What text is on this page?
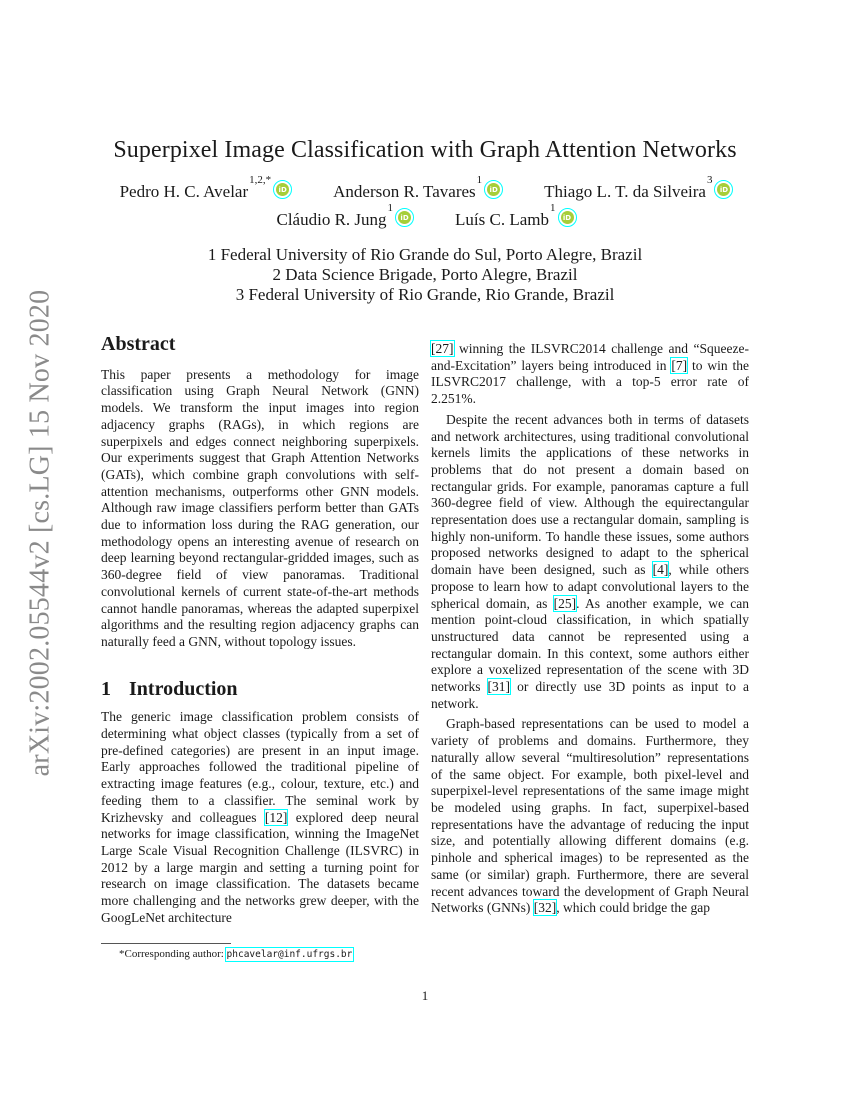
arXiv:2002.05544v2 [cs.LG] 15 Nov 2020
Superpixel Image Classification with Graph Attention Networks
Pedro H. C. Avelar
$^{1,2,*}$
iD	Anderson R. Tavares
$^1$
iD	Thiago L. T. da Silveira
$^3$
iD
Cláudio R. Jung
$^1$
iD	Luís C. Lamb
$^1$
iD
1 Federal University of Rio Grande do Sul, Porto Alegre, Brazil
2 Data Science Brigade, Porto Alegre, Brazil
3 Federal University of Rio Grande, Rio Grande, Brazil
Abstract

This paper presents a methodology for image classification using Graph Neural Network (GNN) models. We transform the input images into region adjacency graphs (RAGs), in which regions are superpixels and edges connect neighboring superpixels. Our experiments suggest that Graph Attention Networks (GATs), which combine graph convolutions with self-attention mechanisms, outperforms other GNN models. Although raw image classifiers perform better than GATs due to information loss during the RAG generation, our methodology opens an interesting avenue of research on deep learning beyond rectangular-gridded images, such as 360-degree field of view panoramas. Traditional convolutional kernels of current state-of-the-art methods cannot handle panoramas, whereas the adapted superpixel algorithms and the resulting region adjacency graphs can naturally feed a GNN, without topology issues.

1 Introduction

The generic image classification problem consists of determining what object classes (typically from a set of pre-defined categories) are present in an input image. Early approaches followed the traditional pipeline of extracting image features (e.g., colour, texture, etc.) and feeding them to a classifier. The seminal work by Krizhevsky and colleagues [12] explored deep neural networks for image classification, winning the ImageNet Large Scale Visual Recognition Challenge (ILSVRC) in 2012 by a large margin and setting a turning point for research on image classification. The datasets became more challenging and the networks grew deeper, with the GoogLeNet architecture

[27] winning the ILSVRC2014 challenge and “Squeeze-and-Excitation” layers being introduced in [7] to win the ILSVRC2017 challenge, with a top-5 error rate of 2.251%.

Despite the recent advances both in terms of datasets and network architectures, using traditional convolutional kernels limits the applications of these networks in problems that do not present a domain based on rectangular grids. For example, panoramas capture a full 360-degree field of view. Although the equirectangular representation does use a rectangular domain, sampling is highly non-uniform. To handle these issues, some authors proposed networks designed to adapt to the spherical domain have been designed, such as [4], while others propose to learn how to adapt convolutional layers to the spherical domain, as [25]. As another example, we can mention point-cloud classification, in which spatially unstructured data cannot be represented using a rectangular domain. In this context, some authors either explore a voxelized representation of the scene with 3D networks [31] or directly use 3D points as input to a network.

Graph-based representations can be used to model a variety of problems and domains. Furthermore, they naturally allow several “multiresolution” representations of the same object. For example, both pixel-level and superpixel-level representations of the same image might be modeled using graphs. In fact, superpixel-based representations have the advantage of reducing the input size, and potentially allowing different domains (e.g. pinhole and spherical images) to be represented as the same (or similar) graph. Furthermore, there are several recent advances toward the development of Graph Neural Networks (GNNs) [32], which could bridge the gap

*Corresponding author: phcavelar@inf.ufrgs.br
1
